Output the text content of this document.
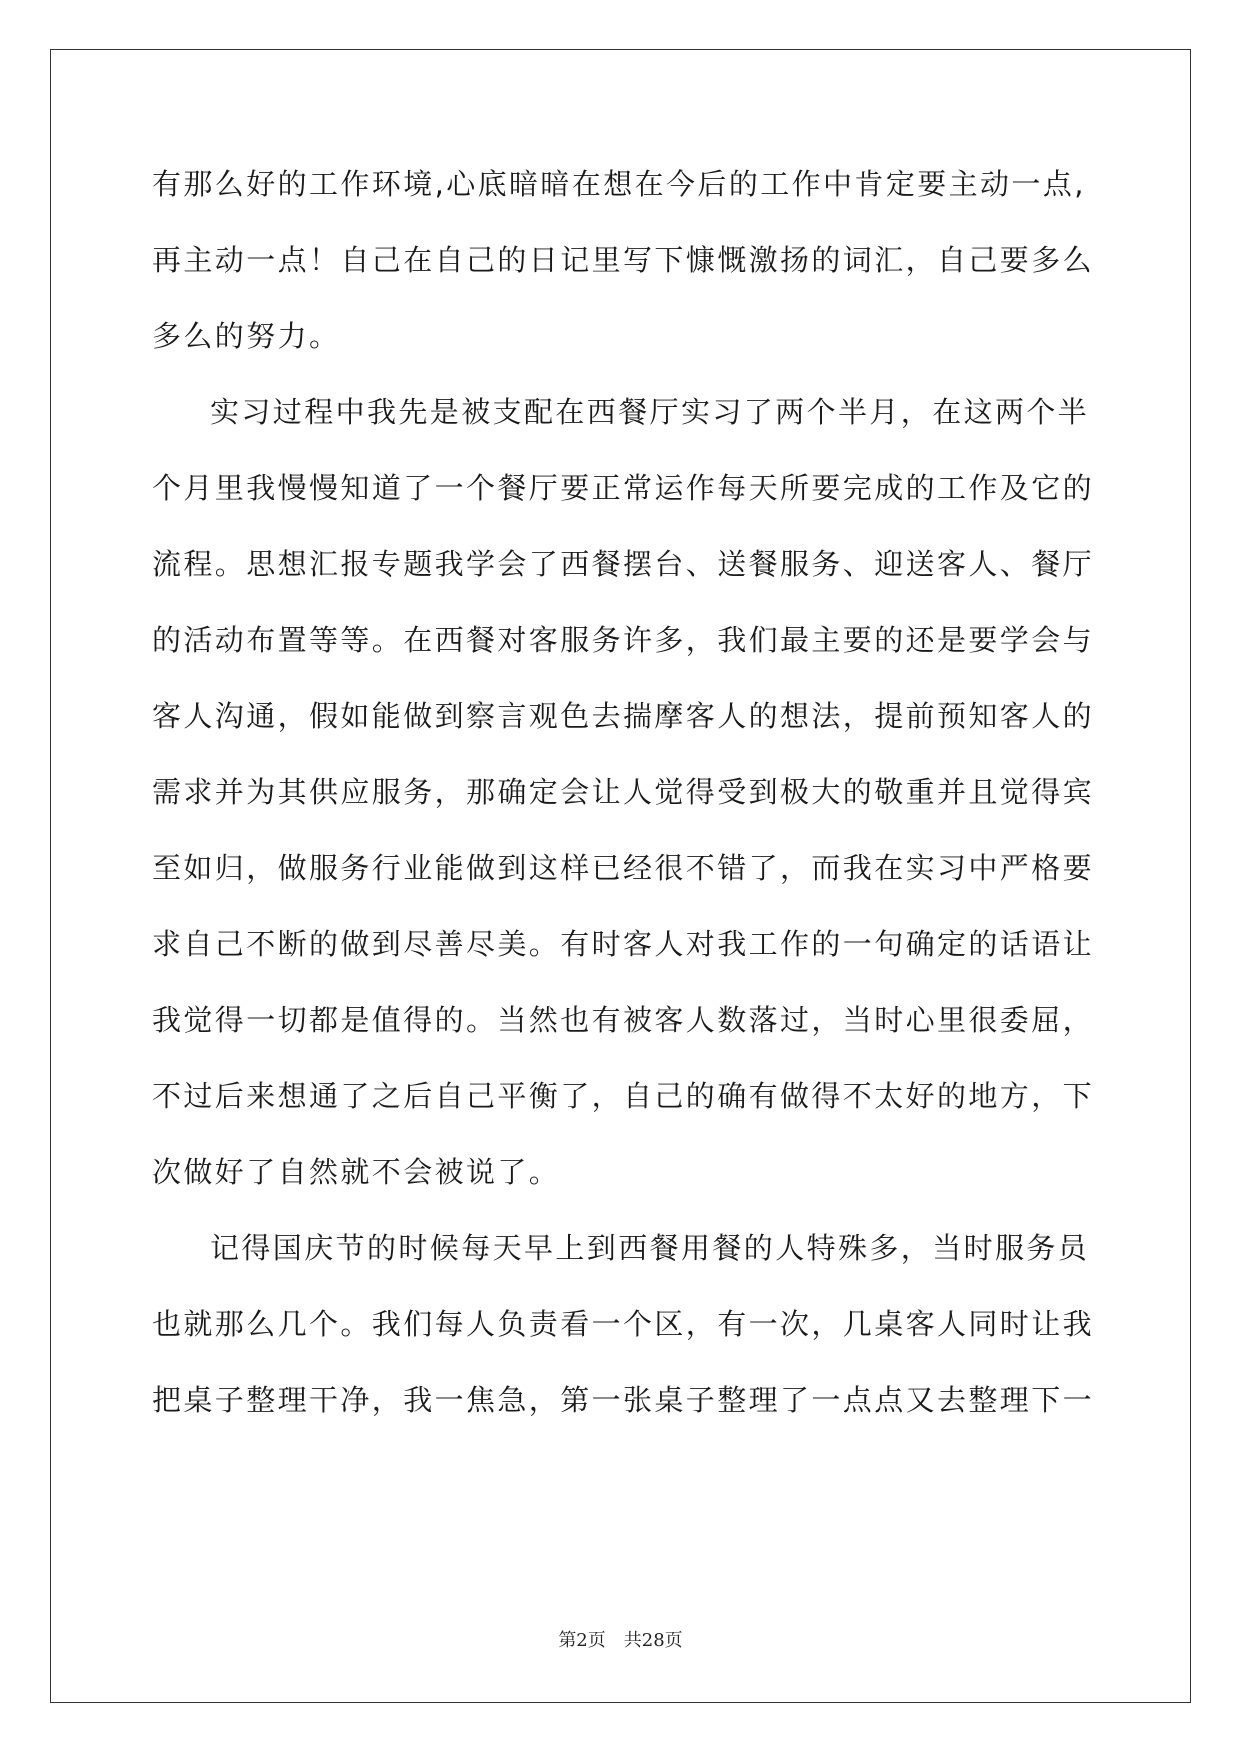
有那么好的工作环境,心底暗暗在想在今后的工作中肯定要主动一点,
再主动一点！自己在自己的日记里写下慷慨激扬的词汇，自己要多么
多么的努力。
实习过程中我先是被支配在西餐厅实习了两个半月，在这两个半
个月里我慢慢知道了一个餐厅要正常运作每天所要完成的工作及它的
流程。思想汇报专题我学会了西餐摆台、送餐服务、迎送客人、餐厅
的活动布置等等。在西餐对客服务许多，我们最主要的还是要学会与
客人沟通，假如能做到察言观色去揣摩客人的想法，提前预知客人的
需求并为其供应服务，那确定会让人觉得受到极大的敬重并且觉得宾
至如归，做服务行业能做到这样已经很不错了，而我在实习中严格要
求自己不断的做到尽善尽美。有时客人对我工作的一句确定的话语让
我觉得一切都是值得的。当然也有被客人数落过，当时心里很委屈，
不过后来想通了之后自己平衡了，自己的确有做得不太好的地方，下
次做好了自然就不会被说了。
记得国庆节的时候每天早上到西餐用餐的人特殊多，当时服务员
也就那么几个。我们每人负责看一个区，有一次，几桌客人同时让我
把桌子整理干净，我一焦急，第一张桌子整理了一点点又去整理下一
第2页　共28页
